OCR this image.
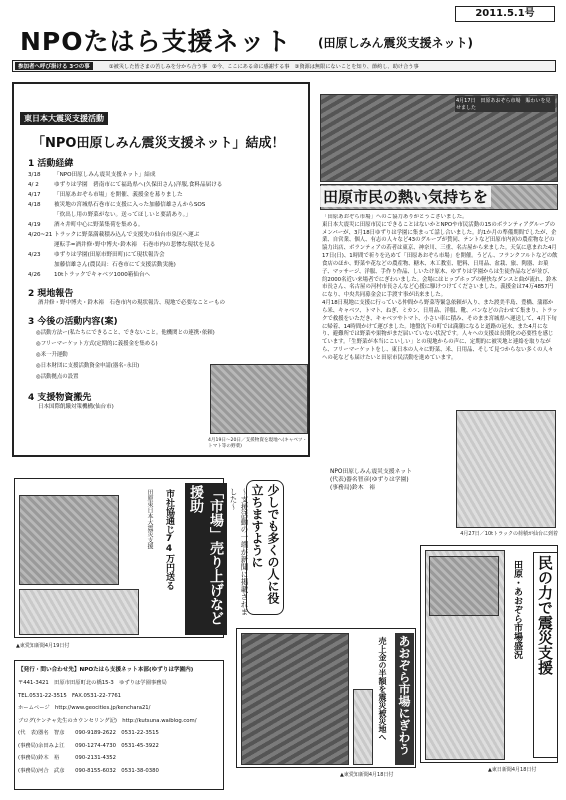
2011.5.1号
NPOたはら支援ネット (田原しみん震災支援ネット)
参加者へ呼び掛ける 3つの事	①被災した皆さまの苦しみを分かち合う事　②今、ここにある命に感謝する事　③資源は無限にないことを知り、節約し、助け合う事
東日本大震災支援活動
「NPO田原しみん震災支援ネット」結成！
1 活動経緯
3/18	「NPO田原しみん震災支援ネット」結成
4/ 2	ゆずりは学園　碧南市にて福島県へ(久保田さん)洋服,食料品届ける
4/17	「田原あおぞら市場」を開催、義援金を募りました
4/18	被災地の宮城県石巻市に支援に入った加藤信雄さんからSOS
「炊出し用の野菜がない。送ってほしいと要請あり。」
4/19	酒々井町中心に野菜集荷を集める。
4/20~21 トラックに野菜満載積み込んで支援先の仙台市泉区へ運ぶ
運転手=酒井修･野中博夫･鈴木裕　石巻市内の悲惨な現状を見る
4/23	ゆずりは学園(田原市野田町)にて現状報告会
加藤信雄さん(農民局：石巻市にて支援活動実施)
4/26	10tトラックでキャベツ1000箱仙台へ
2 現地報告
酒井修・野中博夫・鈴木裕　石巻市内の現状報告、現地で必要なことーもの
3 今後の活動内容(案)
◎活動方法ー(私たちにできること、できないこと。他機関との連携･依頼)
◎フリーマーケット方式(定期的に義援金を集める)
◎米一升運動
◎日本財団に支援活動資金申請(器名･永田)
◎活動拠点の設置
4 支援物資搬先
日本国際飢餓対策機構(仙台市)
4月19日〜20日／支援物資を現地へ(キャベツ・トマト等の野菜)
4月17日　田原あおぞら市場　賑わいを見せました
田原市民の熱い気持ちを
「田原あおぞら市場」へのご協力ありがとうございました。
東日本大震災に田原市民にできることはないかとNPOや市民活動の15のボランティアグループのメンバーが、3月18日ゆずりは学園に集まって話し合いました。約1か月の準備期間でしたが、企業、自営業、個人、有志の人々など43のグループが賛同、テントなど田原市内初の農産物などの協力出店、ボランティアの若者は東京、神奈川、三重、名古屋から来ました。天気に恵まれた4月17日(日)、1時間で祈りを込めて「田原あおぞら市場」を開催。うどん、フランクフルトなどの飲食店のほか、野菜や花などの農産物、糖木、木工教室、肥料、日用品、盆栽、旅、陶器、お菓子、マッサージ、洋服、手作り作品、しいたけ原木、ゆずりは学園からは生徒作品などが並び、約2000名近い来場者でにぎわいました。会場にはヒップホップの軽快なダンスと曲が流れ、鈴木市長さん、名古屋の河村市長さんなど心援に駆けつけてくださいました。義援金は74万4857円になり、中央共同募金会に手渡す事が出来ました。
4月18日現地に支援に行っている仲間から野菜等緊急依頼が入り、また渡美半島、豊橋、蒲郡から米、キャベツ、トマト、ねぎ、ミカン、日用品、洋服、靴、パンなどの合わせて集まり、トラックで救援をいただき、キャベツやトマト、小さい車に積み、そのまま宮城県へ運送して、4月下旬に帰着、14時間かけて運びました。地盤沈下の町では満潮になると道路の冠水、また4月になり、避難所では野菜や果物がまだ届いていない状況です。人々への支援は長期化の必要性を感じています。「生野菜が本当にこいしい」との現地からの声に、定期的に被災地と連絡を取りながら、フリーマーケットをし、東日本の人々に野菜、米、日用品、そして見つからない多くの人々への花なども届けたいと田原市民活動を進めています。
NPO田原しみん震災支援ネット
(代表)器名智彦(ゆずりは学園)
(事務局)鈴木　裕
4月27日／10tトラックの荷積が仙台に到着
「市場」売り上げなど援助
市社協通じ74万円送る
田原東日本大震災支援
▲東愛知新聞4月19日付
少しでも多くの人に役立ちますように
〜支援活動の一端が新聞に掲載されました〜
あおぞら市場にぎわう
売上金の半額を震災被災地へ
▲東愛知新聞4月18日付
民の力で震災支援
田原・あおぞら市場盛況
▲東日新聞4月18日付
【発行・問い合わせ先】NPOたはら支援ネット本部(ゆずりは学園内)
〒441-3421　田原市田原町北の橋15-3　ゆずりは学園事務局
TEL.0531-22-3515　FAX.0531-22-7761
ホームページ　http://www.geocities.jp/kenchara21/
ブログ(ケンチャ先生のカウンセリング記)　http://kutsuna.waiblog.com/
(代　表)器名　智彦　　090-9189-2622　0531-22-3515
(事務局)余田みよ江　　090-1274-4730　0531-45-3922
(事務局)鈴木　裕　　　090-2131-4352
(事務局)河合　武彦　　090-8155-6032　0531-38-0380
